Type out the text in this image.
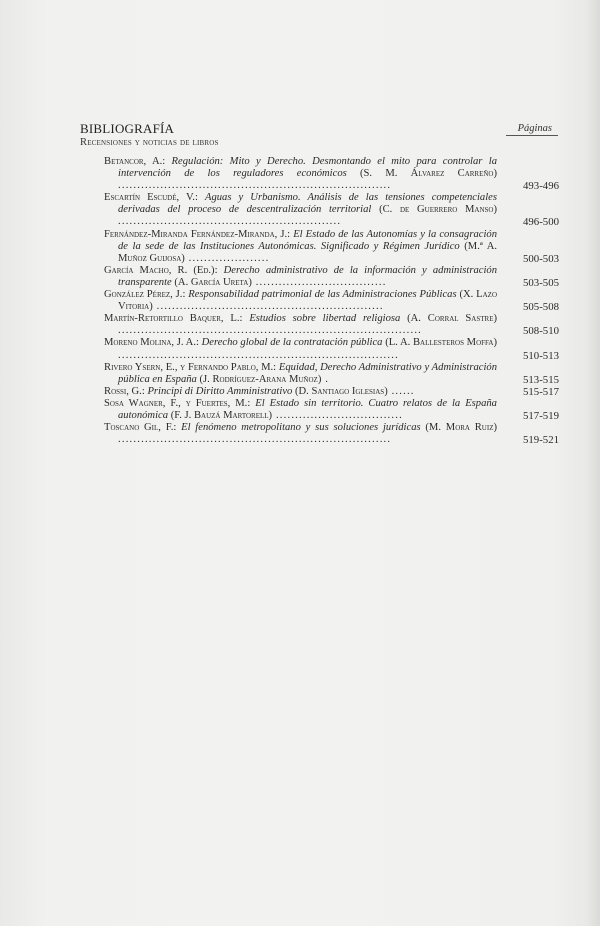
BIBLIOGRAFÍA
Recensiones y noticias de libros
Páginas
Betancor, A.: Regulación: Mito y Derecho. Desmontando el mito para controlar la intervención de los reguladores económicos (S. M. Álvarez Carreño) .......................................................................	493-496
Escartín Escudé, V.: Aguas y Urbanismo. Análisis de las tensiones competenciales derivadas del proceso de descentralización territorial (C. de Guerrero Manso) ..........................................................	496-500
Fernández-Miranda Fernández-Miranda, J.: El Estado de las Autonomías y la consagración de la sede de las Instituciones Autonómicas. Significado y Régimen Jurídico (M.ª A. Muñoz Guijosa) .....................	500-503
García Macho, R. (Ed.): Derecho administrativo de la información y administración transparente (A. García Ureta) ..................................	503-505
González Pérez, J.: Responsabilidad patrimonial de las Administraciones Públicas (X. Lazo Vitoria) ...........................................................	505-508
Martín-Retortillo Baquer, L.: Estudios sobre libertad religiosa (A. Corral Sastre) ...............................................................................	508-510
Moreno Molina, J. A.: Derecho global de la contratación pública (L. A. Ballesteros Moffa) .........................................................................	510-513
Rivero Ysern, E., y Fernando Pablo, M.: Equidad, Derecho Administrativo y Administración pública en España (J. Rodríguez-Arana Muñoz) .	513-515
Rossi, G.: Principi di Diritto Amministrativo (D. Santiago Iglesias) ......	515-517
Sosa Wagner, F., y Fuertes, M.: El Estado sin territorio. Cuatro relatos de la España autonómica (F. J. Bauzá Martorell) .................................	517-519
Toscano Gil, F.: El fenómeno metropolitano y sus soluciones jurídicas (M. Mora Ruiz) .......................................................................	519-521
